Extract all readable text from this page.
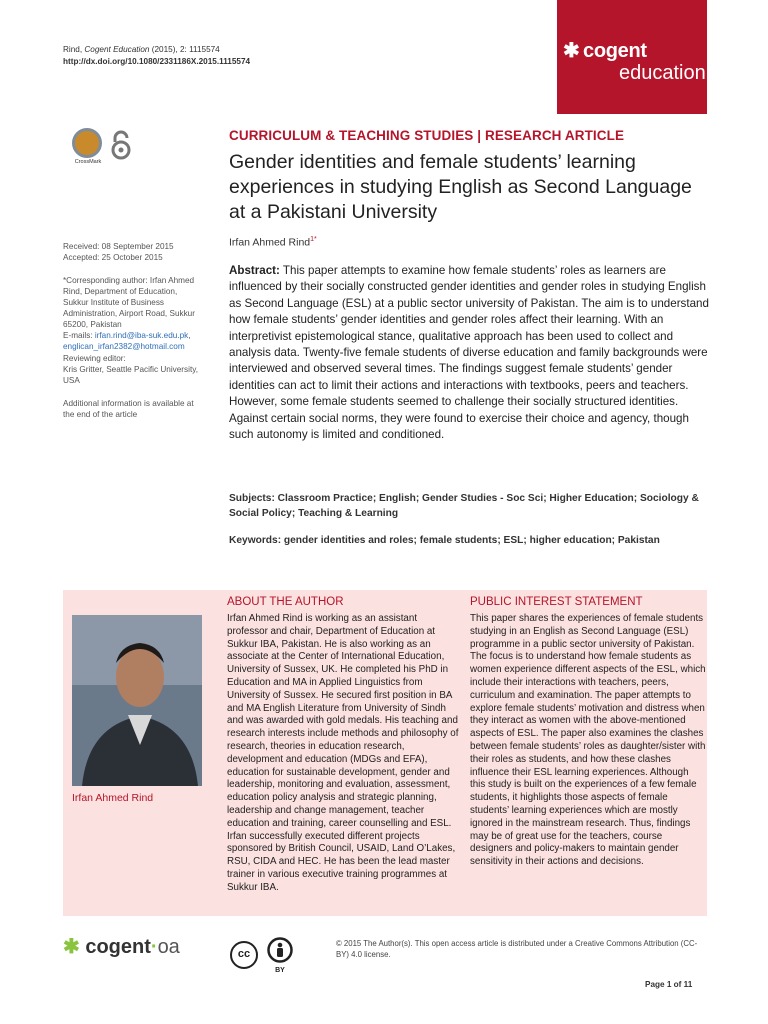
Rind, Cogent Education (2015), 2: 1115574
http://dx.doi.org/10.1080/2331186X.2015.1115574	✱ cogent
education
CrossMark
Received: 08 September 2015
Accepted: 25 October 2015
*Corresponding author: Irfan Ahmed Rind, Department of Education, Sukkur Institute of Business Administration, Airport Road, Sukkur 65200, Pakistan
E-mails: irfan.rind@iba-suk.edu.pk,
englican_irfan2382@hotmail.com
Reviewing editor:
Kris Gritter, Seattle Pacific University, USA
Additional information is available at the end of the article
CURRICULUM & TEACHING STUDIES | RESEARCH ARTICLE
Gender identities and female students’ learning experiences in studying English as Second Language at a Pakistani University
Irfan Ahmed Rind$^{1*}$
Abstract: This paper attempts to examine how female students’ roles as learners are influenced by their socially constructed gender identities and gender roles in studying English as Second Language (ESL) at a public sector university of Pakistan. The aim is to understand how female students’ gender identities and gender roles affect their learning. With an interpretivist epistemological stance, qualitative approach has been used to collect and analysis data. Twenty-five female students of diverse education and family backgrounds were interviewed and observed several times. The findings suggest female students’ gender identities can act to limit their actions and interactions with textbooks, peers and teachers. However, some female students seemed to challenge their socially structured identities. Against certain social norms, they were found to exercise their choice and agency, though such autonomy is limited and conditioned.
Subjects: Classroom Practice; English; Gender Studies - Soc Sci; Higher Education; Sociology & Social Policy; Teaching & Learning
Keywords: gender identities and roles; female students; ESL; higher education; Pakistan
Irfan Ahmed Rind
ABOUT THE AUTHOR
Irfan Ahmed Rind is working as an assistant professor and chair, Department of Education at Sukkur IBA, Pakistan. He is also working as an associate at the Center of International Education, University of Sussex, UK. He completed his PhD in Education and MA in Applied Linguistics from University of Sussex. He secured first position in BA and MA English Literature from University of Sindh and was awarded with gold medals. His teaching and research interests include methods and philosophy of research, theories in education research, development and education (MDGs and EFA), education for sustainable development, gender and leadership, monitoring and evaluation, assessment, education policy analysis and strategic planning, leadership and change management, teacher education and training, career counselling and ESL. Irfan successfully executed different projects sponsored by British Council, USAID, Land O’Lakes, RSU, CIDA and HEC. He has been the lead master trainer in various executive training programmes at Sukkur IBA.
PUBLIC INTEREST STATEMENT
This paper shares the experiences of female students studying in an English as Second Language (ESL) programme in a public sector university of Pakistan. The focus is to understand how female students as women experience different aspects of the ESL, which include their interactions with teachers, peers, curriculum and examination. The paper attempts to explore female students’ motivation and distress when they interact as women with the above-mentioned aspects of ESL. The paper also examines the clashes between female students’ roles as daughter/sister with their roles as students, and how these clashes influence their ESL learning experiences. Although this study is built on the experiences of a few female students, it highlights those aspects of female students’ learning experiences which are mostly ignored in the mainstream research. Thus, findings may be of great use for the teachers, course designers and policy-makers to maintain gender sensitivity in their actions and decisions.
✱ cogent·oa	cc
BY
© 2015 The Author(s). This open access article is distributed under a Creative Commons Attribution (CC-BY) 4.0 license.
Page 1 of 11
